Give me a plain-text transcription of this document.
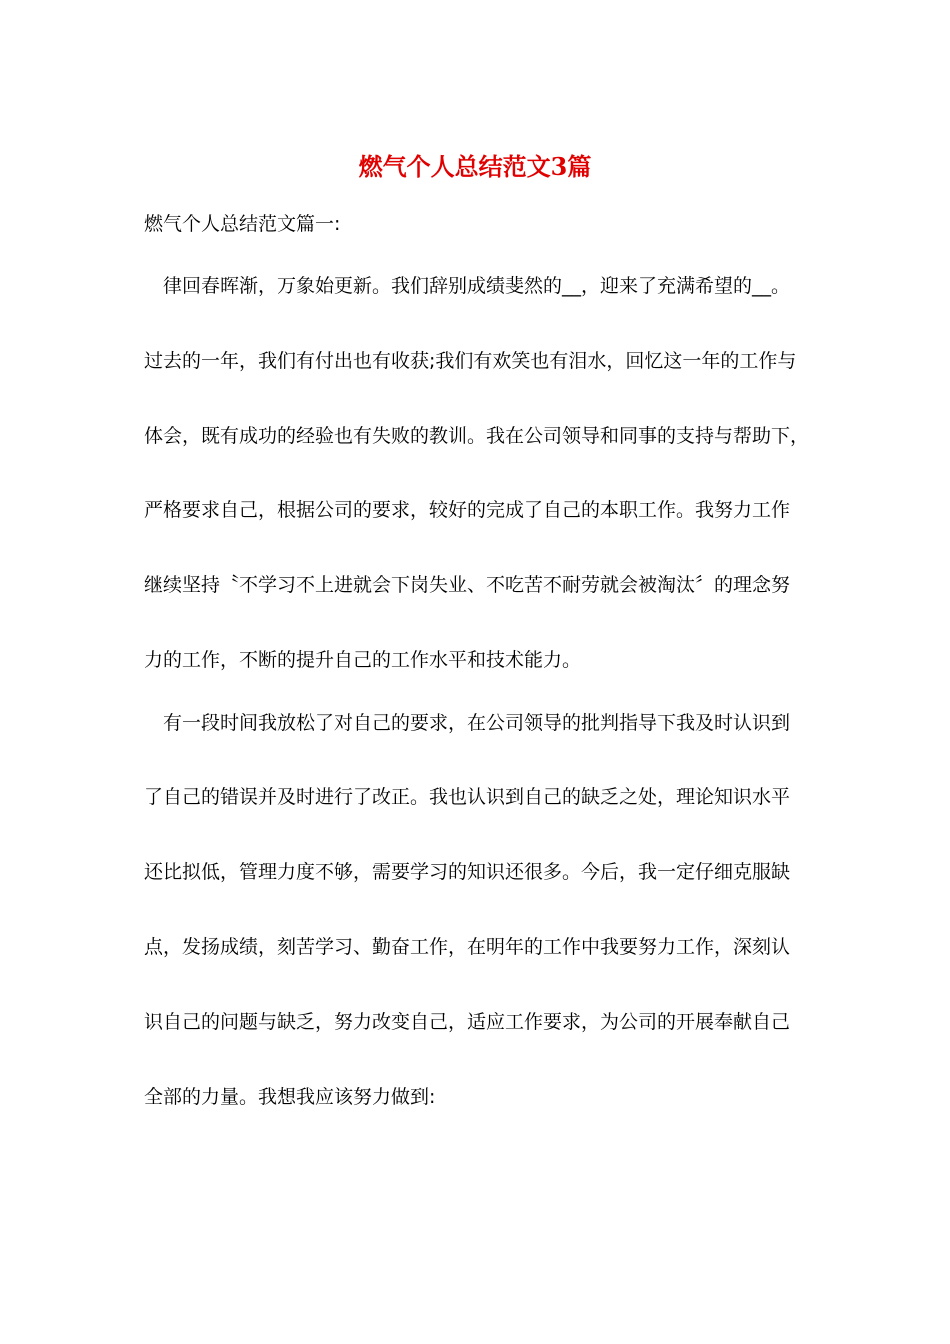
燃气个人总结范文3篇

燃气个人总结范文篇一:

律回春晖渐，万象始更新。我们辞别成绩斐然的__，迎来了充满希望的__。

过去的一年，我们有付出也有收获;我们有欢笑也有泪水，回忆这一年的工作与

体会，既有成功的经验也有失败的教训。我在公司领导和同事的支持与帮助下，

严格要求自己，根据公司的要求，较好的完成了自己的本职工作。我努力工作

继续坚持〝不学习不上进就会下岗失业、不吃苦不耐劳就会被淘汰〞的理念努

力的工作，不断的提升自己的工作水平和技术能力。

有一段时间我放松了对自己的要求，在公司领导的批判指导下我及时认识到

了自己的错误并及时进行了改正。我也认识到自己的缺乏之处，理论知识水平

还比拟低，管理力度不够，需要学习的知识还很多。今后，我一定仔细克服缺

点，发扬成绩，刻苦学习、勤奋工作，在明年的工作中我要努力工作，深刻认

识自己的问题与缺乏，努力改变自己，适应工作要求，为公司的开展奉献自己

全部的力量。我想我应该努力做到:
